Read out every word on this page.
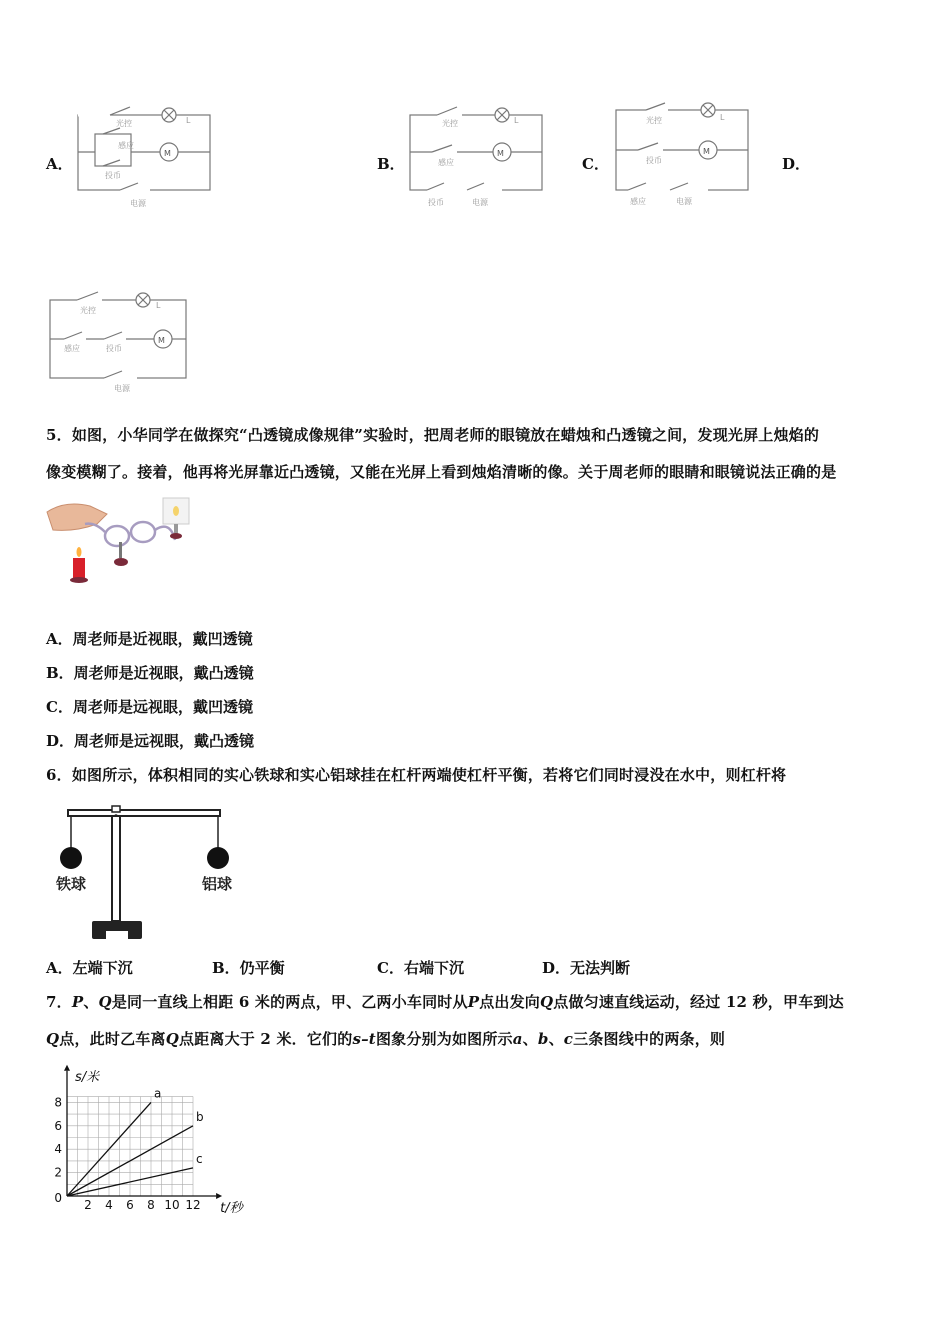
A．	B．	C．	D．
光控	L
感应
M
投币
电源
光控	L
感应
M
投币	电源
光控	L
投币
M
感应	电源
光控
L
感应	投币
M
电源
5．如图，小华同学在做探究“凸透镜成像规律”实验时，把周老师的眼镜放在蜡烛和凸透镜之间，发现光屏上烛焰的
像变模糊了。接着，他再将光屏靠近凸透镜，又能在光屏上看到烛焰清晰的像。关于周老师的眼睛和眼镜说法正确的是
A．周老师是近视眼，戴凹透镜
B．周老师是近视眼，戴凸透镜
C．周老师是远视眼，戴凹透镜
D．周老师是远视眼，戴凸透镜
6．如图所示，体积相同的实心铁球和实心铝球挂在杠杆两端使杠杆平衡，若将它们同时浸没在水中，则杠杆将
铁球	铝球
A．左端下沉	B．仍平衡	C．右端下沉	D．无法判断
7．P、Q是同一直线上相距 6 米的两点，甲、乙两小车同时从P点出发向Q点做匀速直线运动，经过 12 秒，甲车到达
Q点，此时乙车离Q点距离大于 2 米．它们的s–t图象分别为如图所示a、b、c三条图线中的两条，则
2 4 6 8 10 12
2
4
6
8
0
t/秒
s/米
a
b
c
